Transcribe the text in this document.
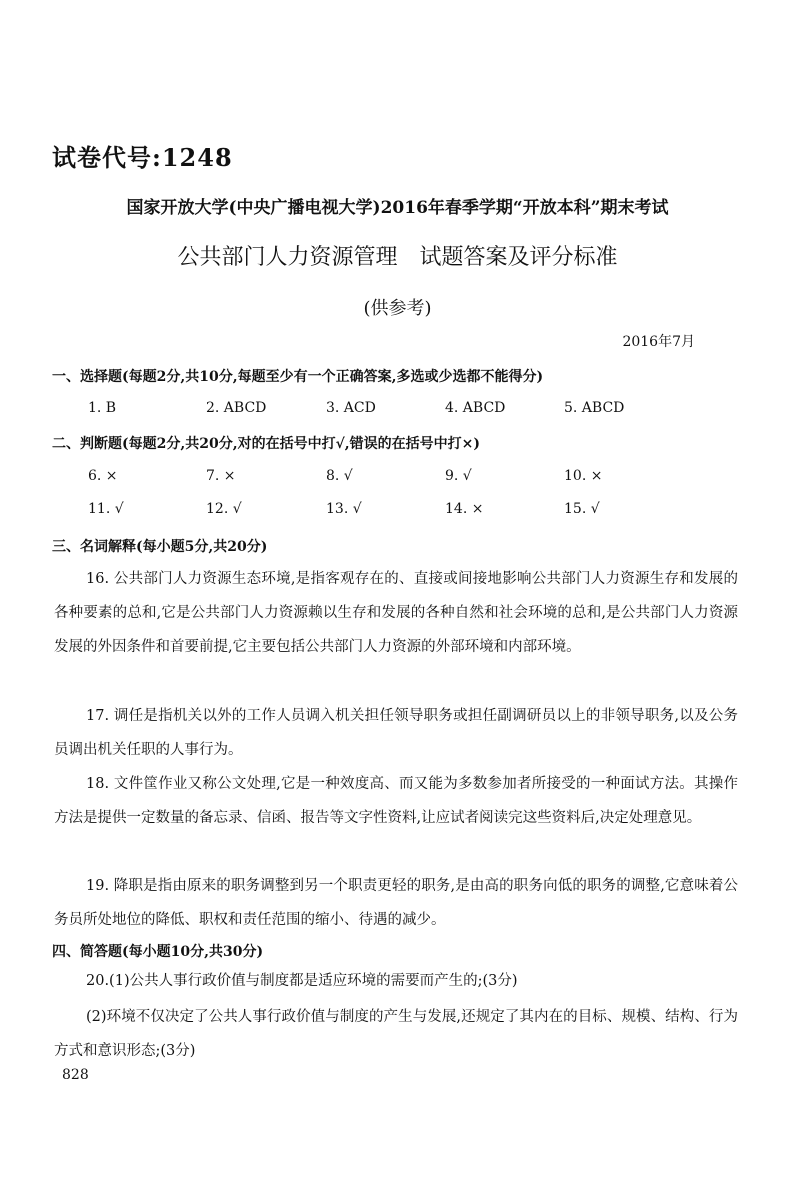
试卷代号:1248
国家开放大学(中央广播电视大学)2016年春季学期“开放本科”期末考试
公共部门人力资源管理　试题答案及评分标准
(供参考)
2016年7月
一、选择题(每题2分,共10分,每题至少有一个正确答案,多选或少选都不能得分)
1. B	2. ABCD	3. ACD	4. ABCD	5. ABCD
二、判断题(每题2分,共20分,对的在括号中打√,错误的在括号中打×)
6. ×	7. ×	8. √	9. √	10. ×
11. √	12. √	13. √	14. ×	15. √
三、名词解释(每小题5分,共20分)

16. 公共部门人力资源生态环境,是指客观存在的、直接或间接地影响公共部门人力资源生存和发展的各种要素的总和,它是公共部门人力资源赖以生存和发展的各种自然和社会环境的总和,是公共部门人力资源发展的外因条件和首要前提,它主要包括公共部门人力资源的外部环境和内部环境。

17. 调任是指机关以外的工作人员调入机关担任领导职务或担任副调研员以上的非领导职务,以及公务员调出机关任职的人事行为。

18. 文件筐作业又称公文处理,它是一种效度高、而又能为多数参加者所接受的一种面试方法。其操作方法是提供一定数量的备忘录、信函、报告等文字性资料,让应试者阅读完这些资料后,决定处理意见。

19. 降职是指由原来的职务调整到另一个职责更轻的职务,是由高的职务向低的职务的调整,它意味着公务员所处地位的降低、职权和责任范围的缩小、待遇的减少。

四、简答题(每小题10分,共30分)

20.(1)公共人事行政价值与制度都是适应环境的需要而产生的;(3分)

(2)环境不仅决定了公共人事行政价值与制度的产生与发展,还规定了其内在的目标、规模、结构、行为方式和意识形态;(3分)

828
